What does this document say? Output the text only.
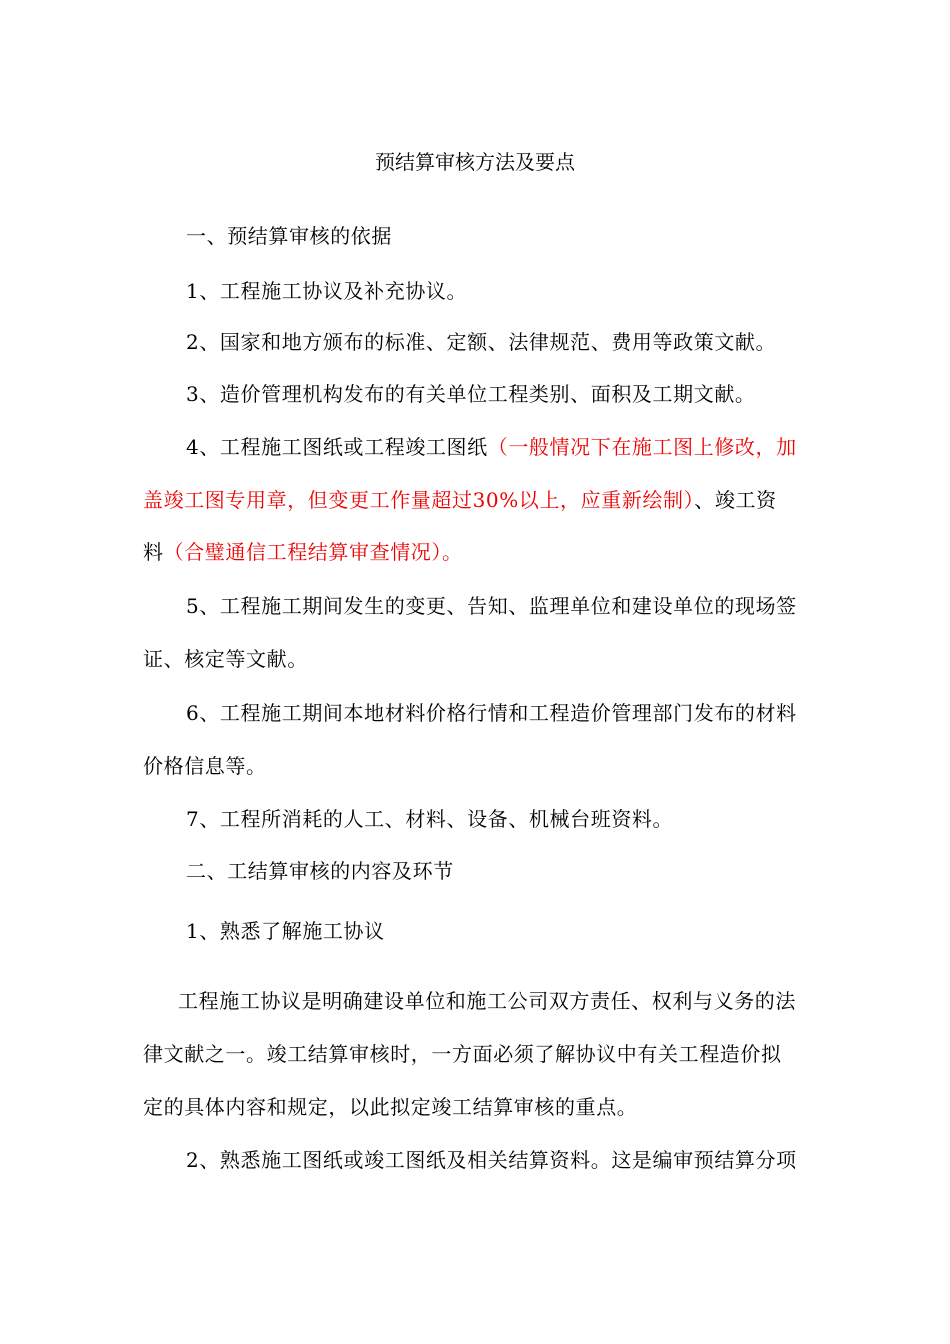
预结算审核方法及要点
一、预结算审核的依据
1、工程施工协议及补充协议。
2、国家和地方颁布的标准、定额、法律规范、费用等政策文献。
3、造价管理机构发布的有关单位工程类别、面积及工期文献。
4、工程施工图纸或工程竣工图纸（一般情况下在施工图上修改，加
盖竣工图专用章，但变更工作量超过30%以上，应重新绘制）、竣工资
料（合璧通信工程结算审查情况）。
5、工程施工期间发生的变更、告知、监理单位和建设单位的现场签
证、核定等文献。
6、工程施工期间本地材料价格行情和工程造价管理部门发布的材料
价格信息等。
7、工程所消耗的人工、材料、设备、机械台班资料。
二、工结算审核的内容及环节
1、熟悉了解施工协议
工程施工协议是明确建设单位和施工公司双方责任、权利与义务的法
律文献之一。竣工结算审核时，一方面必须了解协议中有关工程造价拟
定的具体内容和规定，以此拟定竣工结算审核的重点。
2、熟悉施工图纸或竣工图纸及相关结算资料。这是编审预结算分项
